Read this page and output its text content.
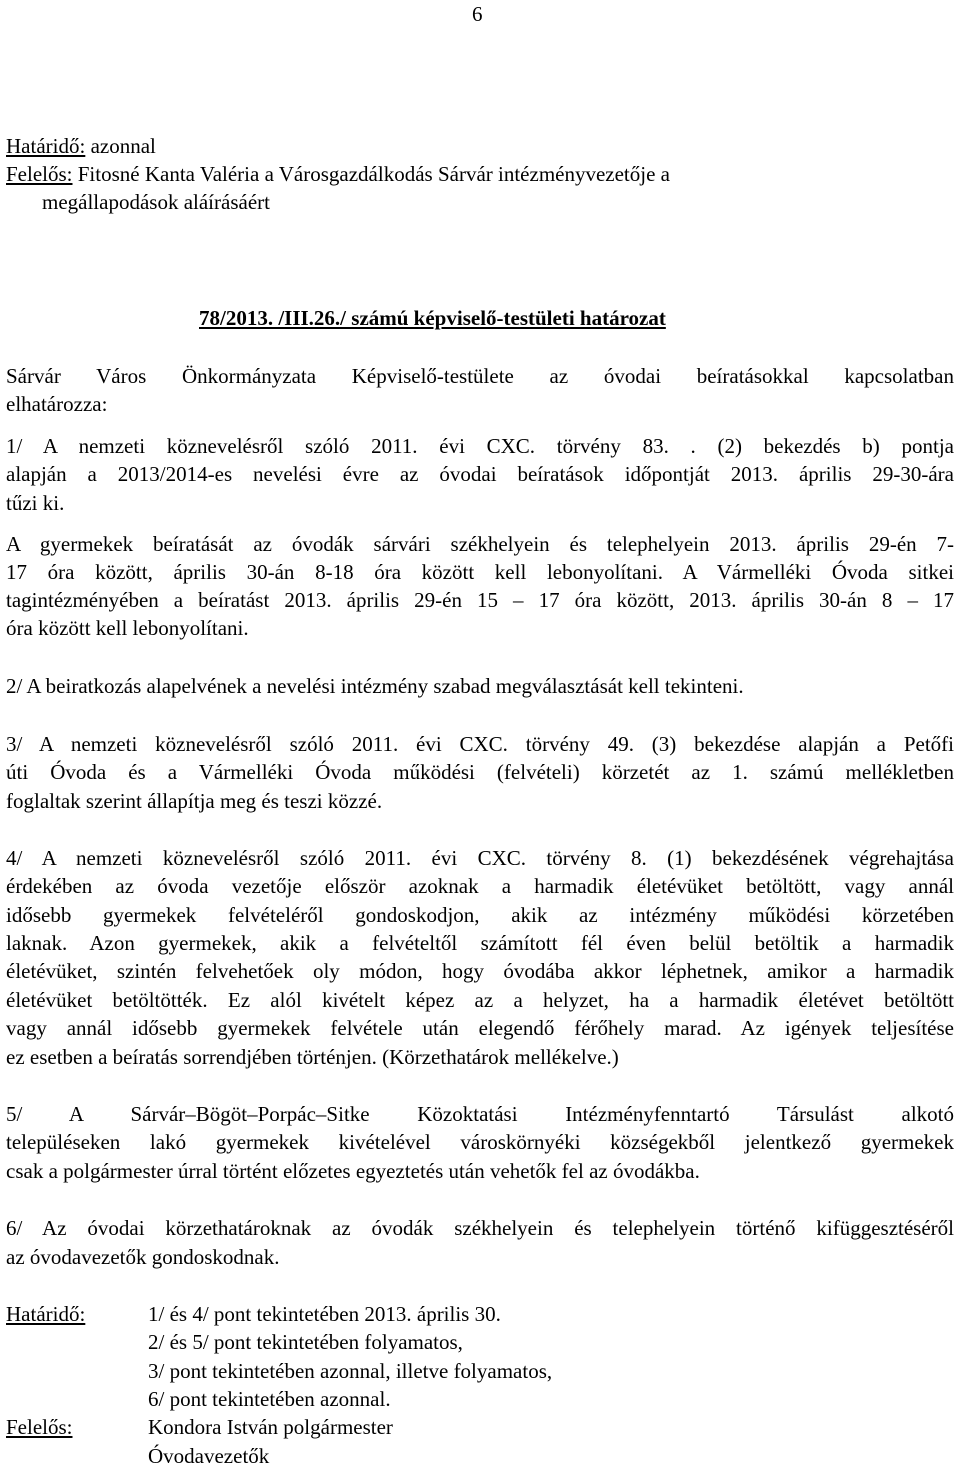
6
Határidő: azonnal
Felelős: Fitosné Kanta Valéria a Városgazdálkodás Sárvár intézményvezetője a
megállapodások aláírásáért
78/2013. /III.26./ számú képviselő-testületi határozat
Sárvár Város Önkormányzata Képviselő-testülete az óvodai beíratásokkal kapcsolatban
elhatározza:
1/ A nemzeti köznevelésről szóló 2011. évi CXC. törvény 83. . (2) bekezdés b) pontja
alapján a 2013/2014-es nevelési évre az óvodai beíratások időpontját 2013. április 29-30-ára
tűzi ki.
A gyermekek beíratását az óvodák sárvári székhelyein és telephelyein 2013. április 29-én 7-
17 óra között, április 30-án 8-18 óra között kell lebonyolítani. A Vármelléki Óvoda sitkei
tagintézményében a beíratást 2013. április 29-én 15 – 17 óra között, 2013. április 30-án 8 – 17
óra között kell lebonyolítani.
2/ A beiratkozás alapelvének a nevelési intézmény szabad megválasztását kell tekinteni.
3/ A nemzeti köznevelésről szóló 2011. évi CXC. törvény 49. (3) bekezdése alapján a Petőfi
úti Óvoda és a Vármelléki Óvoda működési (felvételi) körzetét az 1. számú mellékletben
foglaltak szerint állapítja meg és teszi közzé.
4/ A nemzeti köznevelésről szóló 2011. évi CXC. törvény 8. (1) bekezdésének végrehajtása
érdekében az óvoda vezetője először azoknak a harmadik életévüket betöltött, vagy annál
idősebb gyermekek felvételéről gondoskodjon, akik az intézmény működési körzetében
laknak. Azon gyermekek, akik a felvételtől számított fél éven belül betöltik a harmadik
életévüket, szintén felvehetőek oly módon, hogy óvodába akkor léphetnek, amikor a harmadik
életévüket betöltötték. Ez alól kivételt képez az a helyzet, ha a harmadik életévet betöltött
vagy annál idősebb gyermekek felvétele után elegendő férőhely marad. Az igények teljesítése
ez esetben a beíratás sorrendjében történjen. (Körzethatárok mellékelve.)
5/ A Sárvár–Bögöt–Porpác–Sitke Közoktatási Intézményfenntartó Társulást alkotó
településeken lakó gyermekek kivételével városkörnyéki községekből jelentkező gyermekek
csak a polgármester úrral történt előzetes egyeztetés után vehetők fel az óvodákba.
6/ Az óvodai körzethatároknak az óvodák székhelyein és telephelyein történő kifüggesztéséről
az óvodavezetők gondoskodnak.
Határidő:	1/ és 4/ pont tekintetében 2013. április 30.
2/ és 5/ pont tekintetében folyamatos,
3/ pont tekintetében azonnal, illetve folyamatos,
6/ pont tekintetében azonnal.
Felelős:	Kondora István polgármester
Óvodavezetők
